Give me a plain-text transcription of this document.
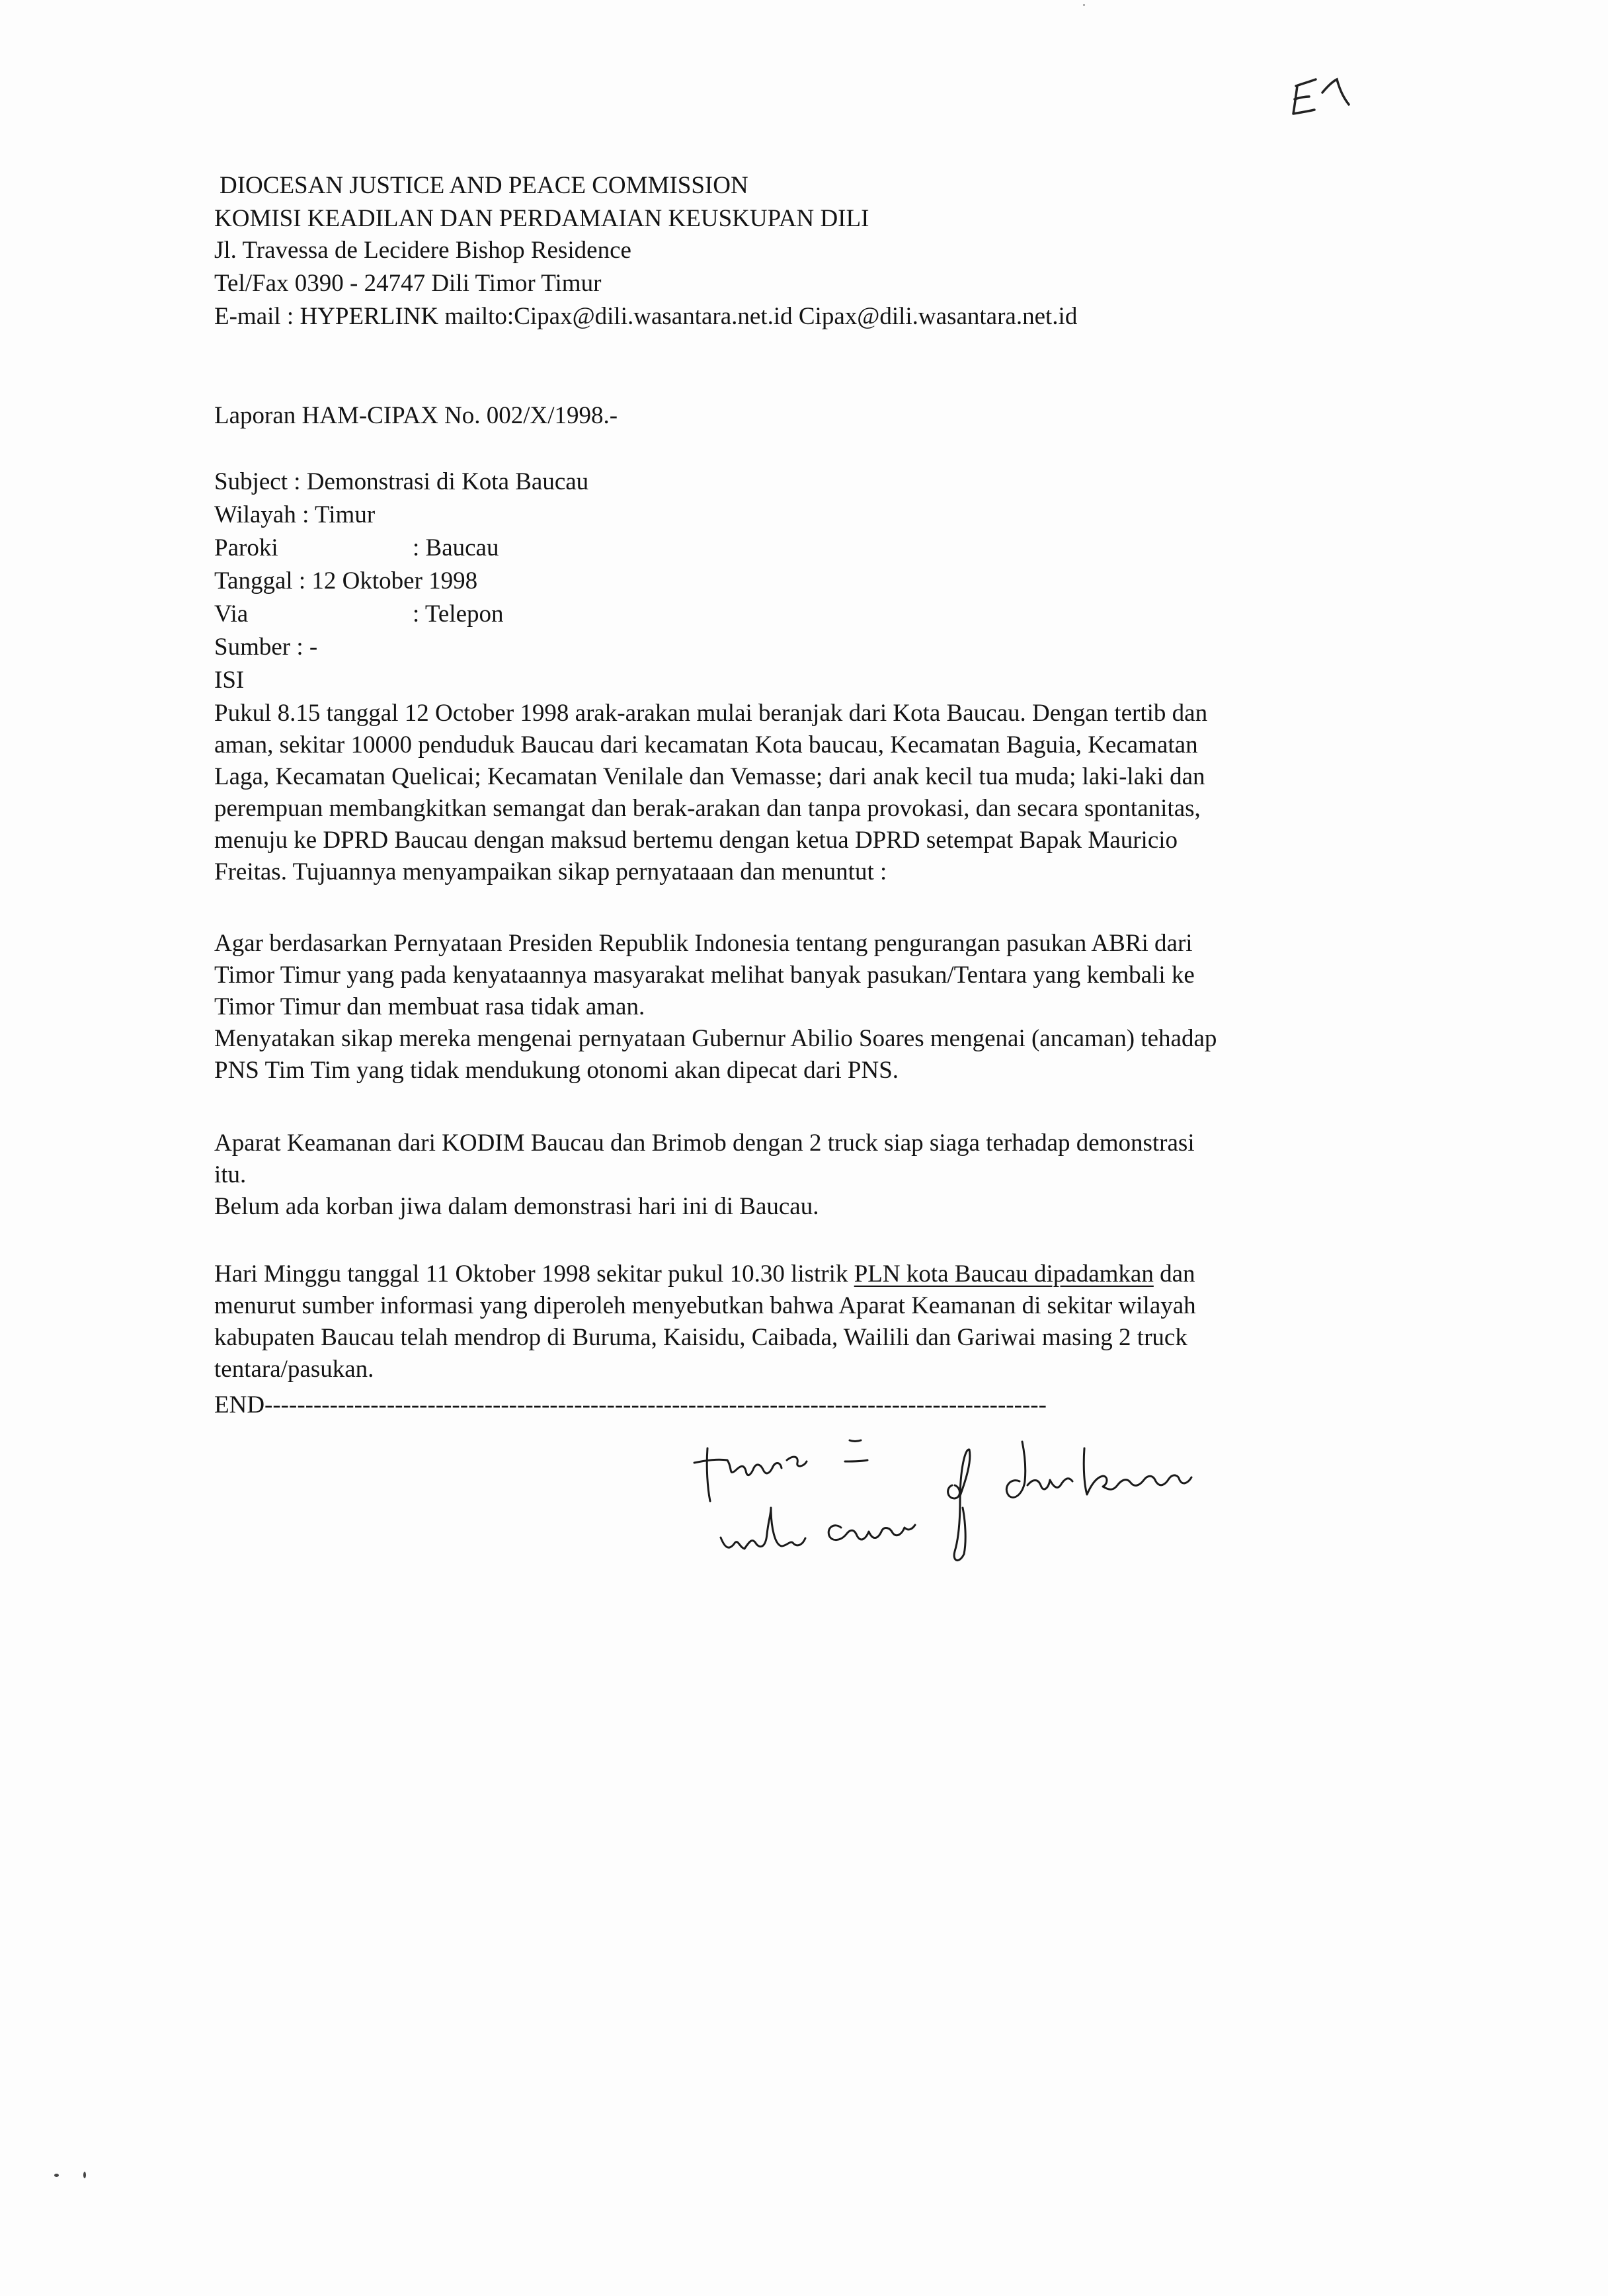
DIOCESAN JUSTICE AND PEACE COMMISSION
KOMISI KEADILAN DAN PERDAMAIAN KEUSKUPAN DILI
Jl. Travessa de Lecidere Bishop Residence
Tel/Fax 0390 - 24747 Dili Timor Timur
E-mail : HYPERLINK mailto:Cipax@dili.wasantara.net.id Cipax@dili.wasantara.net.id
Laporan HAM-CIPAX No. 002/X/1998.-
Subject : Demonstrasi di Kota Baucau
Wilayah : Timur
Paroki	: Baucau
Tanggal : 12 Oktober 1998
Via	: Telepon
Sumber : -
ISI
Pukul 8.15 tanggal 12 October 1998 arak-arakan mulai beranjak dari Kota Baucau. Dengan tertib dan
aman, sekitar 10000 penduduk Baucau dari kecamatan Kota baucau, Kecamatan Baguia, Kecamatan
Laga, Kecamatan Quelicai; Kecamatan Venilale dan Vemasse; dari anak kecil tua muda; laki-laki dan
perempuan membangkitkan semangat dan berak-arakan dan tanpa provokasi, dan secara spontanitas,
menuju ke DPRD Baucau dengan maksud bertemu dengan ketua DPRD setempat Bapak Mauricio
Freitas. Tujuannya menyampaikan sikap pernyataaan dan menuntut :
Agar berdasarkan Pernyataan Presiden Republik Indonesia tentang pengurangan pasukan ABRi dari
Timor Timur yang pada kenyataannya masyarakat melihat banyak pasukan/Tentara yang kembali ke
Timor Timur dan membuat rasa tidak aman.
Menyatakan sikap mereka mengenai pernyataan Gubernur Abilio Soares mengenai (ancaman) tehadap
PNS Tim Tim yang tidak mendukung otonomi akan dipecat dari PNS.
Aparat Keamanan dari KODIM Baucau dan Brimob dengan 2 truck siap siaga terhadap demonstrasi
itu.
Belum ada korban jiwa dalam demonstrasi hari ini di Baucau.
Hari Minggu tanggal 11 Oktober 1998 sekitar pukul 10.30 listrik PLN kota Baucau dipadamkan dan
menurut sumber informasi yang diperoleh menyebutkan bahwa Aparat Keamanan di sekitar wilayah
kabupaten Baucau telah mendrop di Buruma, Kaisidu, Caibada, Wailili dan Gariwai masing 2 truck
tentara/pasukan.
END------------------------------------------------------------------------------------------------
